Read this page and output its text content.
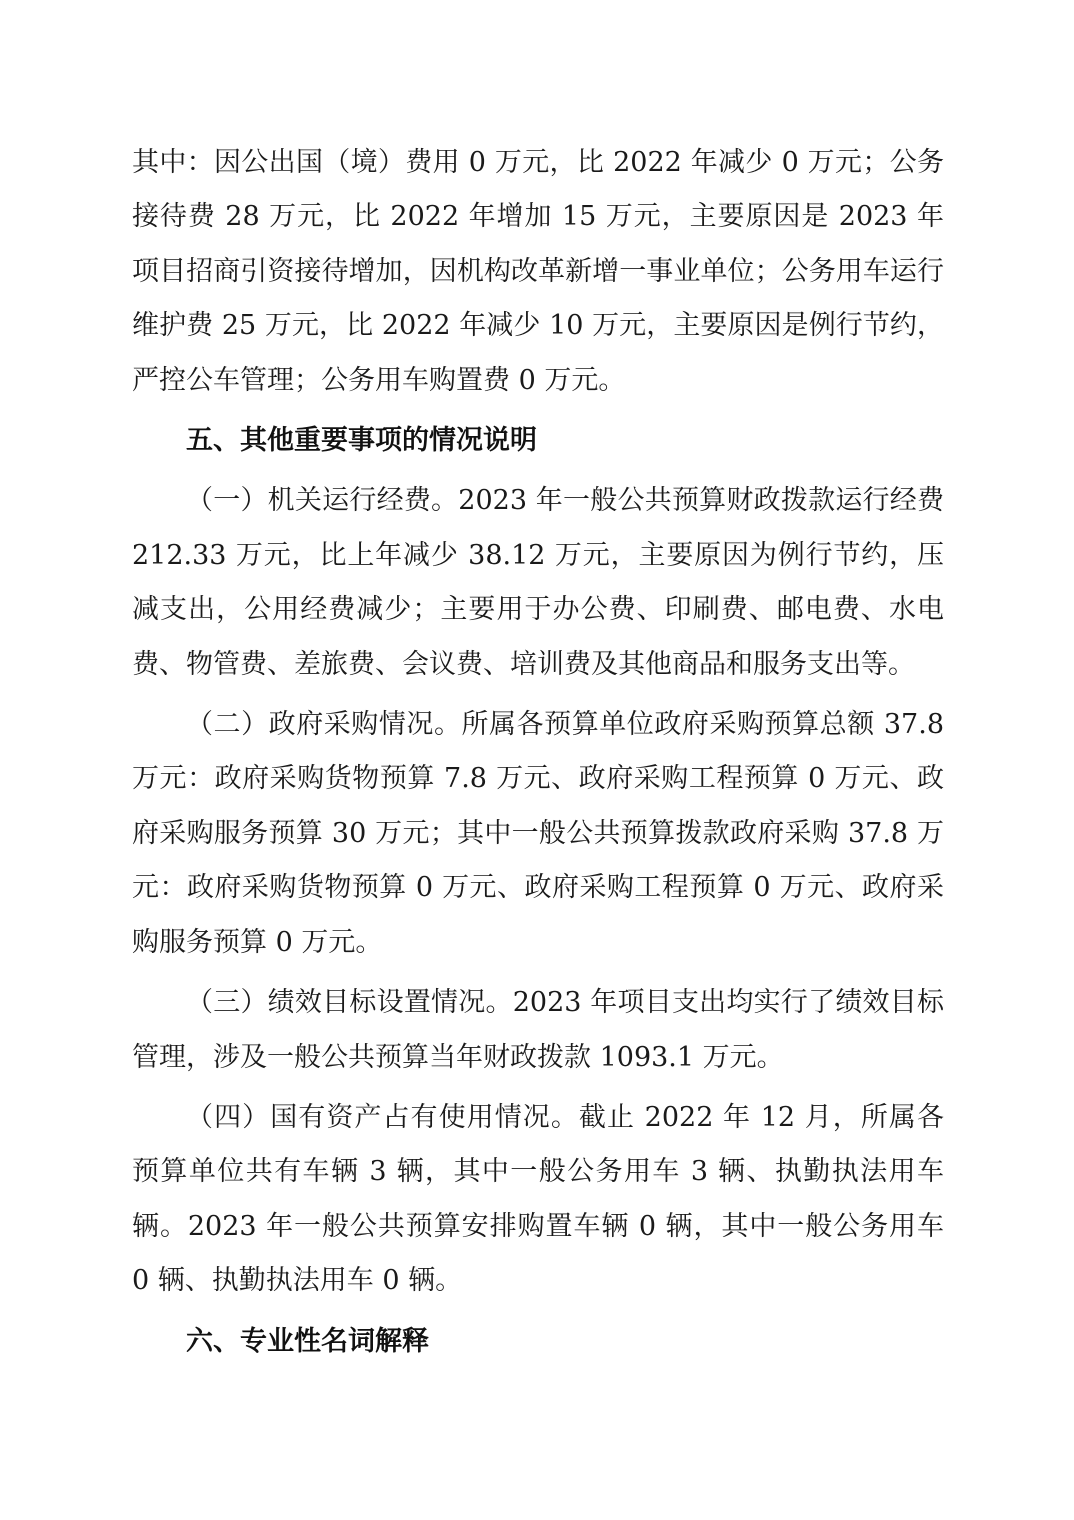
其中：因公出国（境）费用 0 万元，比 2022 年减少 0 万元；公务接待费 28 万元，比 2022 年增加 15 万元，主要原因是 2023 年项目招商引资接待增加，因机构改革新增一事业单位；公务用车运行维护费 25 万元，比 2022 年减少 10 万元，主要原因是例行节约，严控公车管理；公务用车购置费 0 万元。

五、其他重要事项的情况说明

（一）机关运行经费。2023 年一般公共预算财政拨款运行经费 212.33 万元，比上年减少 38.12 万元，主要原因为例行节约，压减支出，公用经费减少；主要用于办公费、印刷费、邮电费、水电费、物管费、差旅费、会议费、培训费及其他商品和服务支出等。

（二）政府采购情况。所属各预算单位政府采购预算总额 37.8 万元：政府采购货物预算 7.8 万元、政府采购工程预算 0 万元、政府采购服务预算 30 万元；其中一般公共预算拨款政府采购 37.8 万元：政府采购货物预算 0 万元、政府采购工程预算 0 万元、政府采购服务预算 0 万元。

（三）绩效目标设置情况。2023 年项目支出均实行了绩效目标管理，涉及一般公共预算当年财政拨款 1093.1 万元。

（四）国有资产占有使用情况。截止 2022 年 12 月，所属各预算单位共有车辆 3 辆，其中一般公务用车 3 辆、执勤执法用车辆。2023 年一般公共预算安排购置车辆 0 辆，其中一般公务用车 0 辆、执勤执法用车 0 辆。

六、专业性名词解释
